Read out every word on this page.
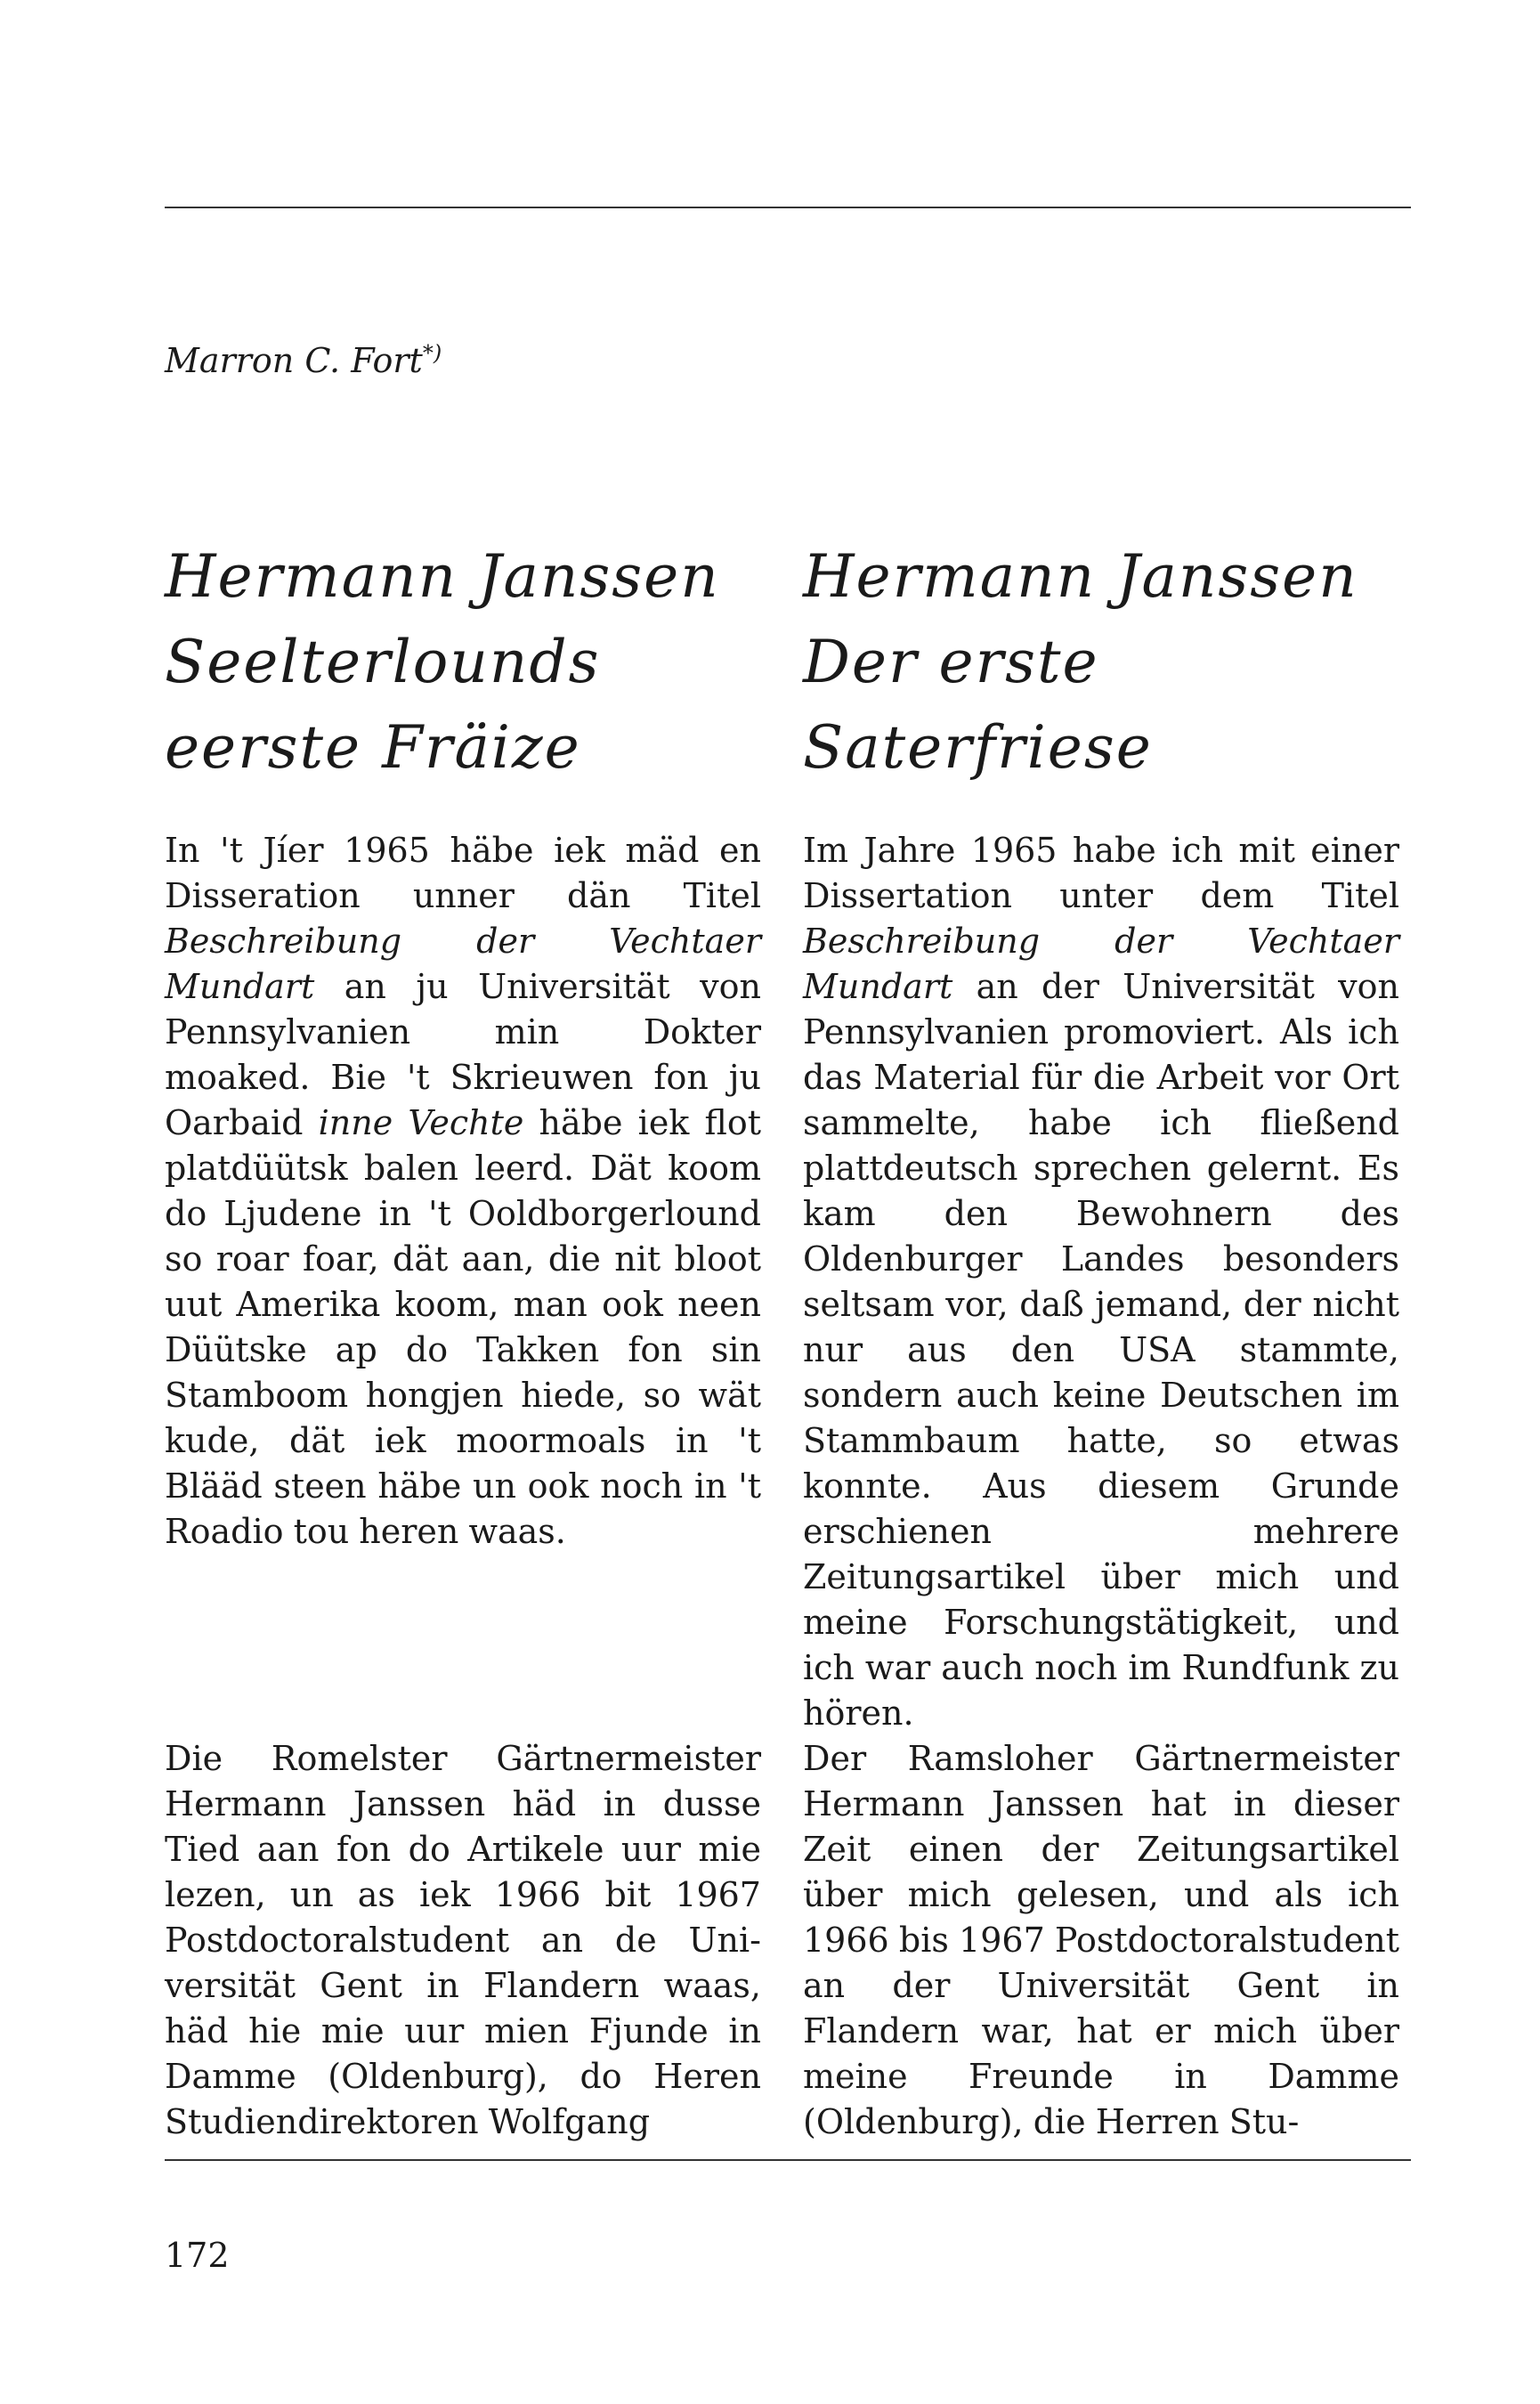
Marron C. Fort*)
Hermann Janssen
Seelterlounds
eerste Fräize
In 't Jíer 1965 häbe iek mäd en Disseration unner dän Titel Beschreibung der Vechtaer Mundart an ju Universität von Pennsylvanien min Dokter moaked. Bie 't Skrieuwen fon ju Oarbaid inne Vechte häbe iek flot platdüütsk balen leerd. Dät koom do Ljudene in 't Ooldborgerlound so roar foar, dät aan, die nit bloot uut Amerika koom, man ook neen Düütske ap do Takken fon sin Stamboom hongjen hiede, so wät kude, dät iek moormoals in 't Blääd steen häbe un ook noch in 't Roadio tou heren waas.
Die Romelster Gärtnermeister Hermann Janssen häd in dusse Tied aan fon do Artikele uur mie lezen, un as iek 1966 bit 1967 Postdoctoralstudent an de Universität Gent in Flandern waas, häd hie mie uur mien Fjunde in Damme (Oldenburg), do Heren Studiendirektoren Wolfgang
Hermann Janssen
Der erste
Saterfriese
Im Jahre 1965 habe ich mit einer Dissertation unter dem Titel Beschreibung der Vechtaer Mundart an der Universität von Pennsylvanien promoviert. Als ich das Material für die Arbeit vor Ort sammelte, habe ich fließend plattdeutsch sprechen gelernt. Es kam den Bewohnern des Oldenburger Landes besonders seltsam vor, daß jemand, der nicht nur aus den USA stammte, sondern auch keine Deutschen im Stammbaum hatte, so etwas konnte. Aus diesem Grunde erschienen mehrere Zeitungsartikel über mich und meine Forschungstätigkeit, und ich war auch noch im Rundfunk zu hören.
Der Ramsloher Gärtnermeister Hermann Janssen hat in dieser Zeit einen der Zeitungsartikel über mich gelesen, und als ich 1966 bis 1967 Postdoctoralstudent an der Universität Gent in Flandern war, hat er mich über meine Freunde in Damme (Oldenburg), die Herren Stu-
172
